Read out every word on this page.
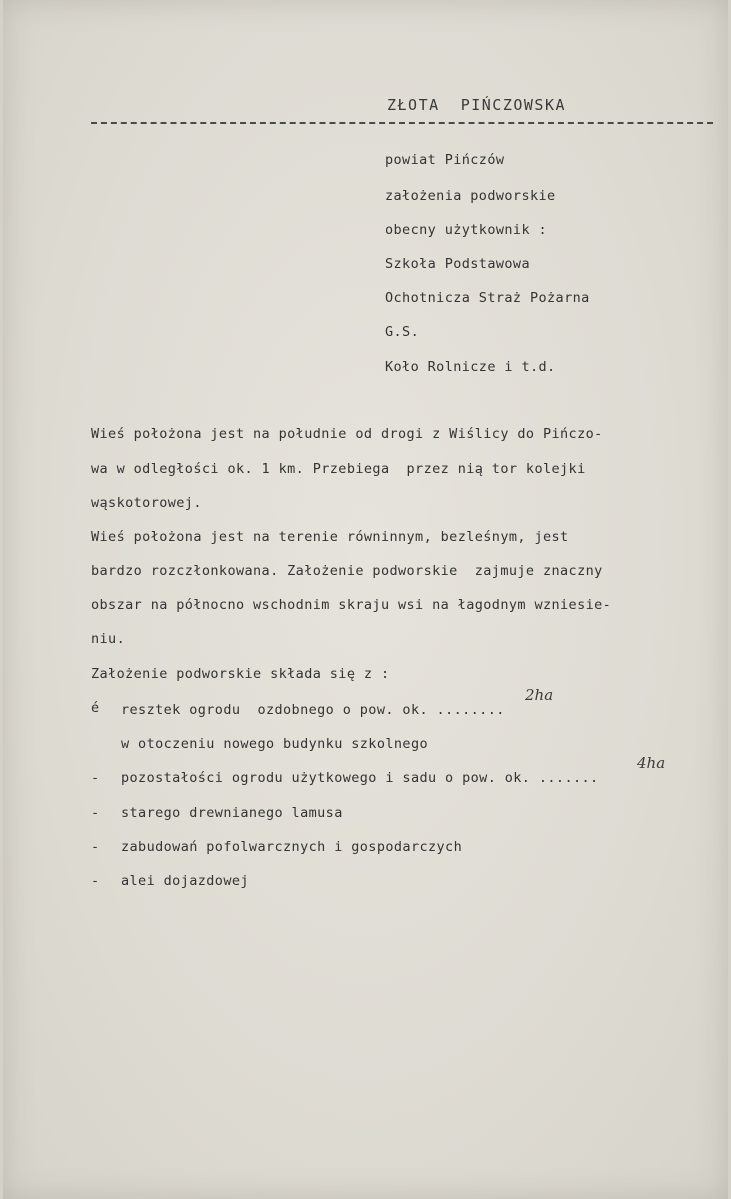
ZŁOTA  PIŃCZOWSKA
powiat Pińczów
założenia podworskie
obecny użytkownik :
Szkoła Podstawowa
Ochotnicza Straż Pożarna
G.S.
Koło Rolnicze i t.d.
Wieś położona jest na południe od drogi z Wiślicy do Pińczo-
wa w odległości ok. 1 km. Przebiega  przez nią tor kolejki
wąskotorowej.
Wieś położona jest na terenie równinnym, bezleśnym, jest
bardzo rozczłonkowana. Założenie podworskie  zajmuje znaczny
obszar na północno wschodnim skraju wsi na łagodnym wzniesie-
niu.
Założenie podworskie składa się z :
é resztek ogrodu  ozdobnego o pow. ok. ........
2ha
w otoczeniu nowego budynku szkolnego
- pozostałości ogrodu użytkowego i sadu o pow. ok. .......
4ha
- starego drewnianego lamusa
- zabudowań pofolwarcznych i gospodarczych
- alei dojazdowej
